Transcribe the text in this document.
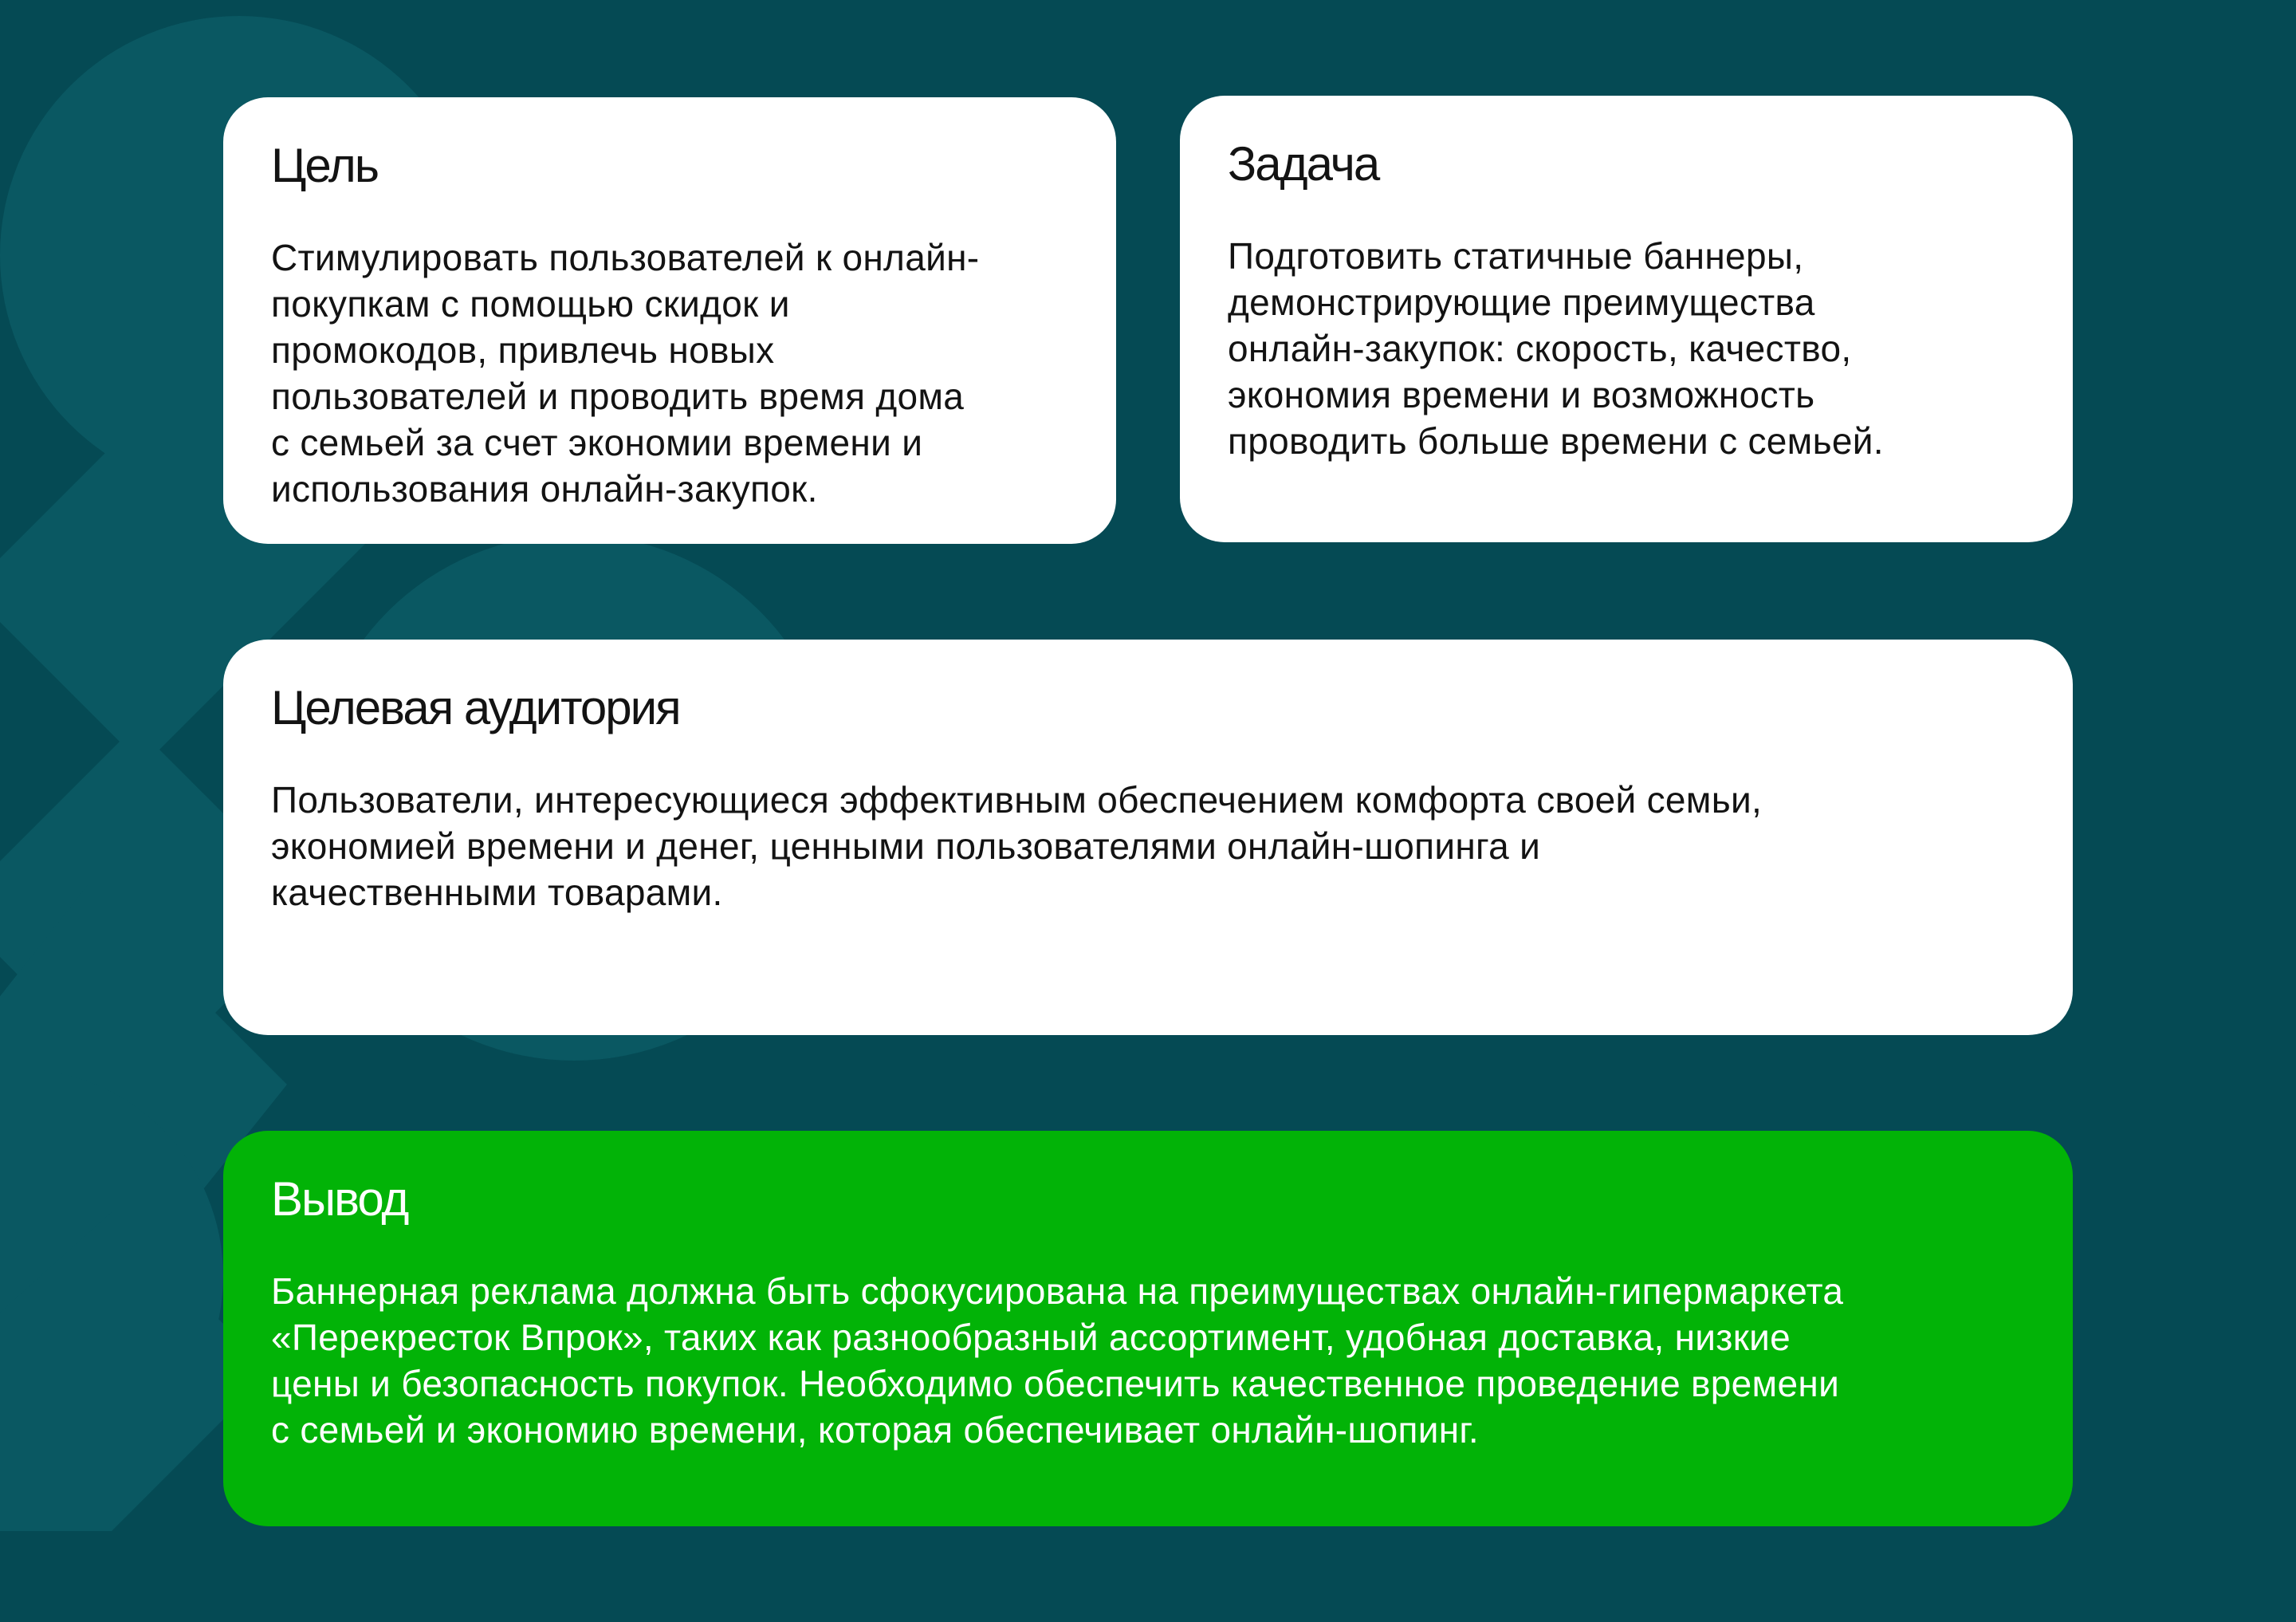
Цель
Стимулировать пользователей к онлайн-
покупкам с помощью скидок и
промокодов, привлечь новых
пользователей и проводить время дома
с семьей за счет экономии времени и
использования онлайн-закупок.
Задача
Подготовить статичные баннеры,
демонстрирующие преимущества
онлайн-закупок: скорость, качество,
экономия времени и возможность
проводить больше времени с семьей.
Целевая аудитория
Пользователи, интересующиеся эффективным обеспечением комфорта своей семьи,
экономией времени и денег, ценными пользователями онлайн-шопинга и
качественными товарами.
Вывод
Баннерная реклама должна быть сфокусирована на преимуществах онлайн-гипермаркета
«Перекресток Впрок», таких как разнообразный ассортимент, удобная доставка, низкие
цены и безопасность покупок. Необходимо обеспечить качественное проведение времени
с семьей и экономию времени, которая обеспечивает онлайн-шопинг.
